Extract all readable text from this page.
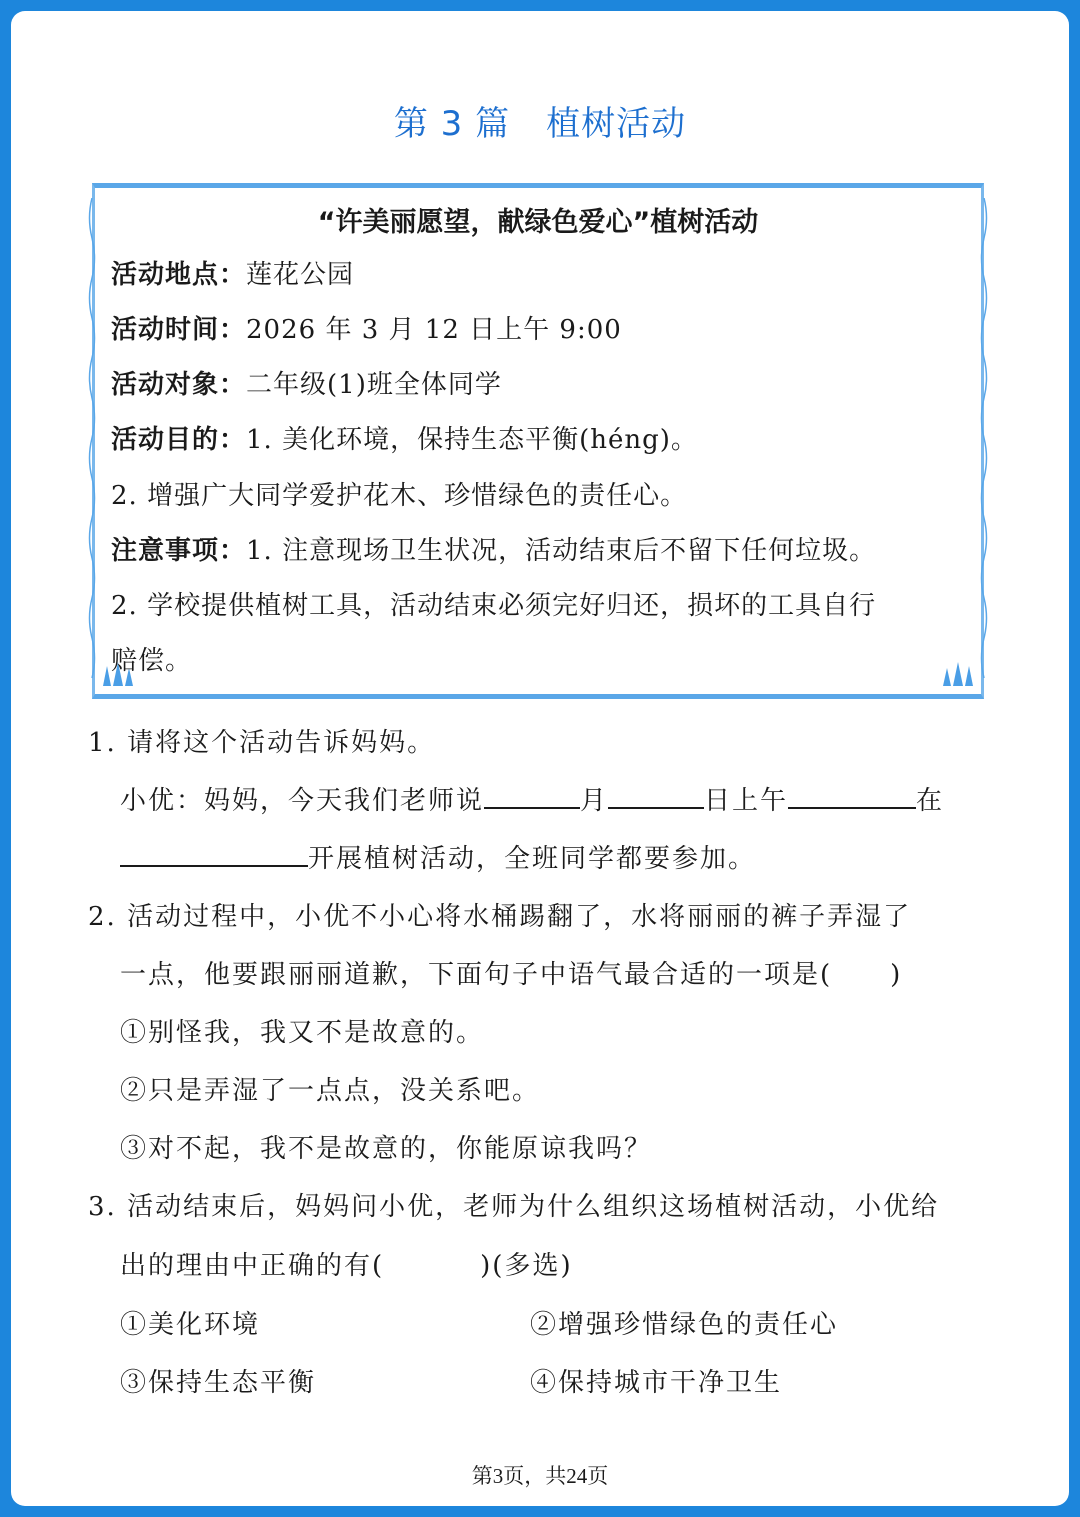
第 3 篇 植树活动
“许美丽愿望，献绿色爱心”植树活动
活动地点：莲花公园
活动时间：2026 年 3 月 12 日上午 9:00
活动对象：二年级(1)班全体同学
活动目的：1. 美化环境，保持生态平衡(héng)。
2. 增强广大同学爱护花木、珍惜绿色的责任心。
注意事项：1. 注意现场卫生状况，活动结束后不留下任何垃圾。
2. 学校提供植树工具，活动结束必须完好归还，损坏的工具自行
赔偿。
1. 请将这个活动告诉妈妈。
小优：妈妈，今天我们老师说	月	日上午	在
开展植树活动，全班同学都要参加。
2. 活动过程中，小优不小心将水桶踢翻了，水将丽丽的裤子弄湿了
一点，他要跟丽丽道歉，下面句子中语气最合适的一项是( )
①别怪我，我又不是故意的。
②只是弄湿了一点点，没关系吧。
③对不起，我不是故意的，你能原谅我吗？
3. 活动结束后，妈妈问小优，老师为什么组织这场植树活动，小优给
出的理由中正确的有(	)(多选)
①美化环境	②增强珍惜绿色的责任心
③保持生态平衡	④保持城市干净卫生
第3页，共24页
